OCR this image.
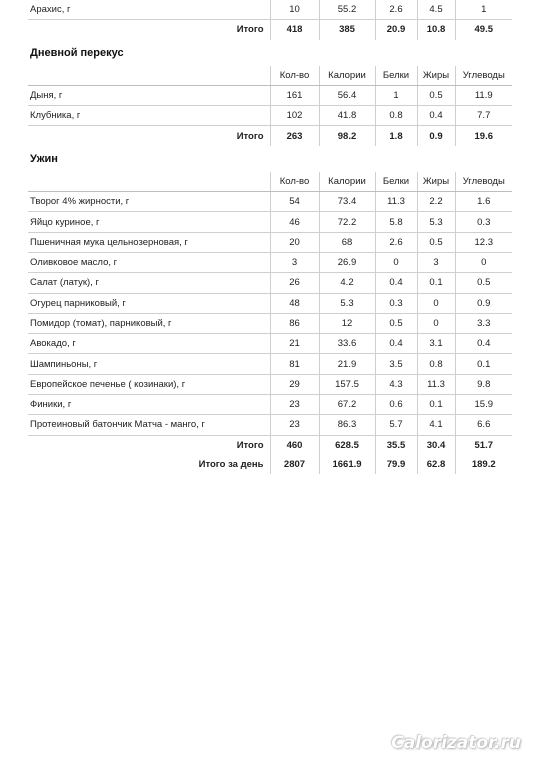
Арахис, г	10	55.2	2.6	4.5	1
Итого	418	385	20.9	10.8	49.5
Дневной перекус
	Кол-во	Калории	Белки	Жиры	Углеводы
Дыня, г	161	56.4	1	0.5	11.9
Клубника, г	102	41.8	0.8	0.4	7.7
Итого	263	98.2	1.8	0.9	19.6
Ужин
	Кол-во	Калории	Белки	Жиры	Углеводы
Творог 4% жирности, г	54	73.4	11.3	2.2	1.6
Яйцо куриное, г	46	72.2	5.8	5.3	0.3
Пшеничная мука цельнозерновая, г	20	68	2.6	0.5	12.3
Оливковое масло, г	3	26.9	0	3	0
Салат (латук), г	26	4.2	0.4	0.1	0.5
Огурец парниковый, г	48	5.3	0.3	0	0.9
Помидор (томат), парниковый, г	86	12	0.5	0	3.3
Авокадо, г	21	33.6	0.4	3.1	0.4
Шампиньоны, г	81	21.9	3.5	0.8	0.1
Европейское печенье ( козинаки), г	29	157.5	4.3	11.3	9.8
Финики, г	23	67.2	0.6	0.1	15.9
Протеиновый батончик Матча - манго, г	23	86.3	5.7	4.1	6.6
Итого	460	628.5	35.5	30.4	51.7
Итого за день	2807	1661.9	79.9	62.8	189.2
Calorizator.ru
